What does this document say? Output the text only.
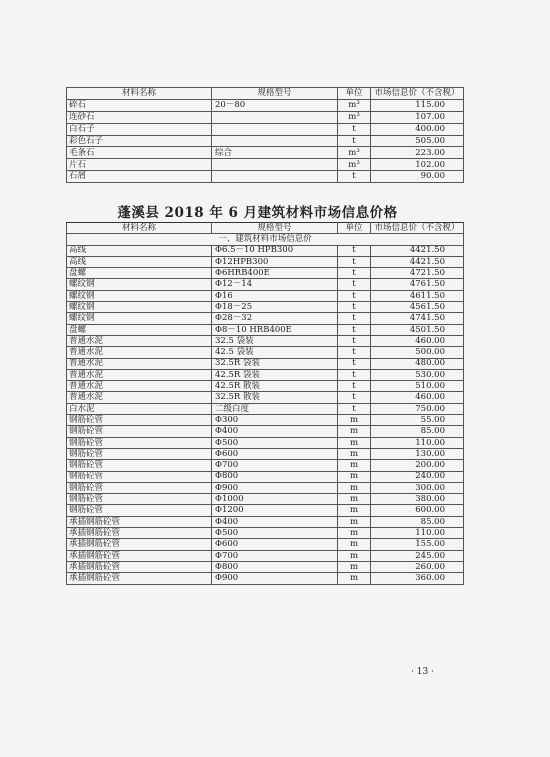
材料名称	规格型号	单位	市场信息价（不含税）
碎石	20－80	m³	115.00
连砂石		m³	107.00
白石子		t	400.00
彩色石子		t	505.00
毛条石	综合	m³	223.00
片石		m³	102.00
石屑		t	90.00
蓬溪县 2018 年 6 月建筑材料市场信息价格
材料名称	规格型号	单位	市场信息价（不含税）
一、建筑材料市场信息价			
高线	Φ6.5－10 HPB300	t	4421.50
高线	Φ12HPB300	t	4421.50
盘螺	Φ6HRB400E	t	4721.50
螺纹钢	Φ12－14	t	4761.50
螺纹钢	Φ16	t	4611.50
螺纹钢	Φ18－25	t	4561.50
螺纹钢	Φ28－32	t	4741.50
盘螺	Φ8－10 HRB400E	t	4501.50
普通水泥	32.5 袋装	t	460.00
普通水泥	42.5 袋装	t	500.00
普通水泥	32.5R 袋装	t	480.00
普通水泥	42.5R 袋装	t	530.00
普通水泥	42.5R 散装	t	510.00
普通水泥	32.5R 散装	t	460.00
白水泥	二级白度	t	750.00
钢筋砼管	Φ300	m	55.00
钢筋砼管	Φ400	m	85.00
钢筋砼管	Φ500	m	110.00
钢筋砼管	Φ600	m	130.00
钢筋砼管	Φ700	m	200.00
钢筋砼管	Φ800	m	240.00
钢筋砼管	Φ900	m	300.00
钢筋砼管	Φ1000	m	380.00
钢筋砼管	Φ1200	m	600.00
承插钢筋砼管	Φ400	m	85.00
承插钢筋砼管	Φ500	m	110.00
承插钢筋砼管	Φ600	m	155.00
承插钢筋砼管	Φ700	m	245.00
承插钢筋砼管	Φ800	m	260.00
承插钢筋砼管	Φ900	m	360.00
· 13 ·
